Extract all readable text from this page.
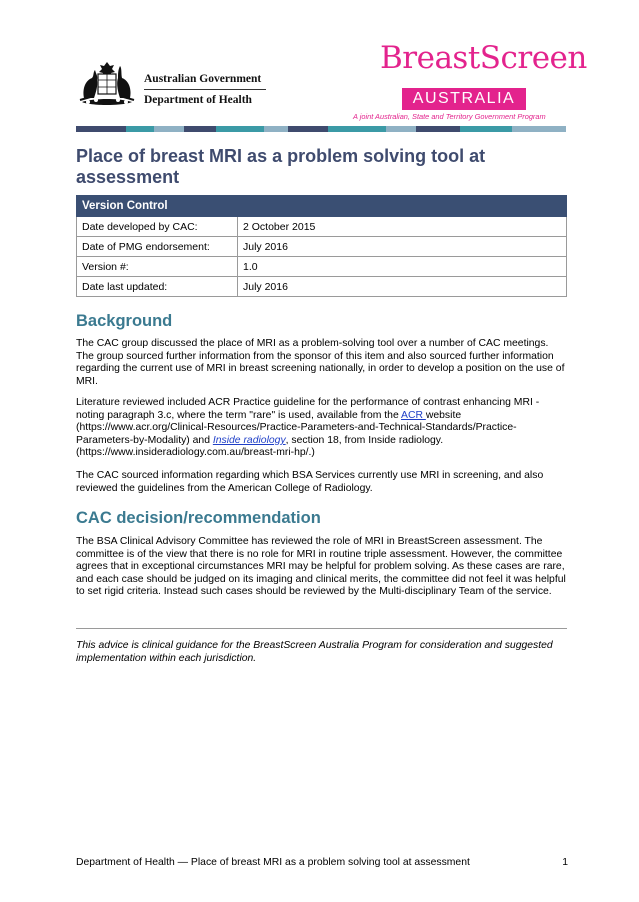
Australian Government
Department of Health
BreastScreen
AUSTRALIA
A joint Australian, State and Territory Government Program
Place of breast MRI as a problem solving tool at assessment
Version Control	
Date developed by CAC:	2 October 2015
Date of PMG endorsement:	July 2016
Version #:	1.0
Date last updated:	July 2016
Background

The CAC group discussed the place of MRI as a problem-solving tool over a number of CAC meetings. The group sourced further information from the sponsor of this item and also sourced further information regarding the current use of MRI in breast screening nationally, in order to develop a position on the use of MRI.

Literature reviewed included ACR Practice guideline for the performance of contrast enhancing MRI - noting paragraph 3.c, where the term "rare" is used, available from the ACR website (https://www.acr.org/Clinical-Resources/Practice-Parameters-and-Technical-Standards/Practice-Parameters-by-Modality) and Inside radiology, section 18, from Inside radiology. (https://www.insideradiology.com.au/breast-mri-hp/.)

The CAC sourced information regarding which BSA Services currently use MRI in screening, and also reviewed the guidelines from the American College of Radiology.

CAC decision/recommendation

The BSA Clinical Advisory Committee has reviewed the role of MRI in BreastScreen assessment. The committee is of the view that there is no role for MRI in routine triple assessment. However, the committee agrees that in exceptional circumstances MRI may be helpful for problem solving. As these cases are rare, and each case should be judged on its imaging and clinical merits, the committee did not feel it was helpful to set rigid criteria. Instead such cases should be reviewed by the Multi-disciplinary Team of the service.

This advice is clinical guidance for the BreastScreen Australia Program for consideration and suggested implementation within each jurisdiction.

Department of Health — Place of breast MRI as a problem solving tool at assessment	1
